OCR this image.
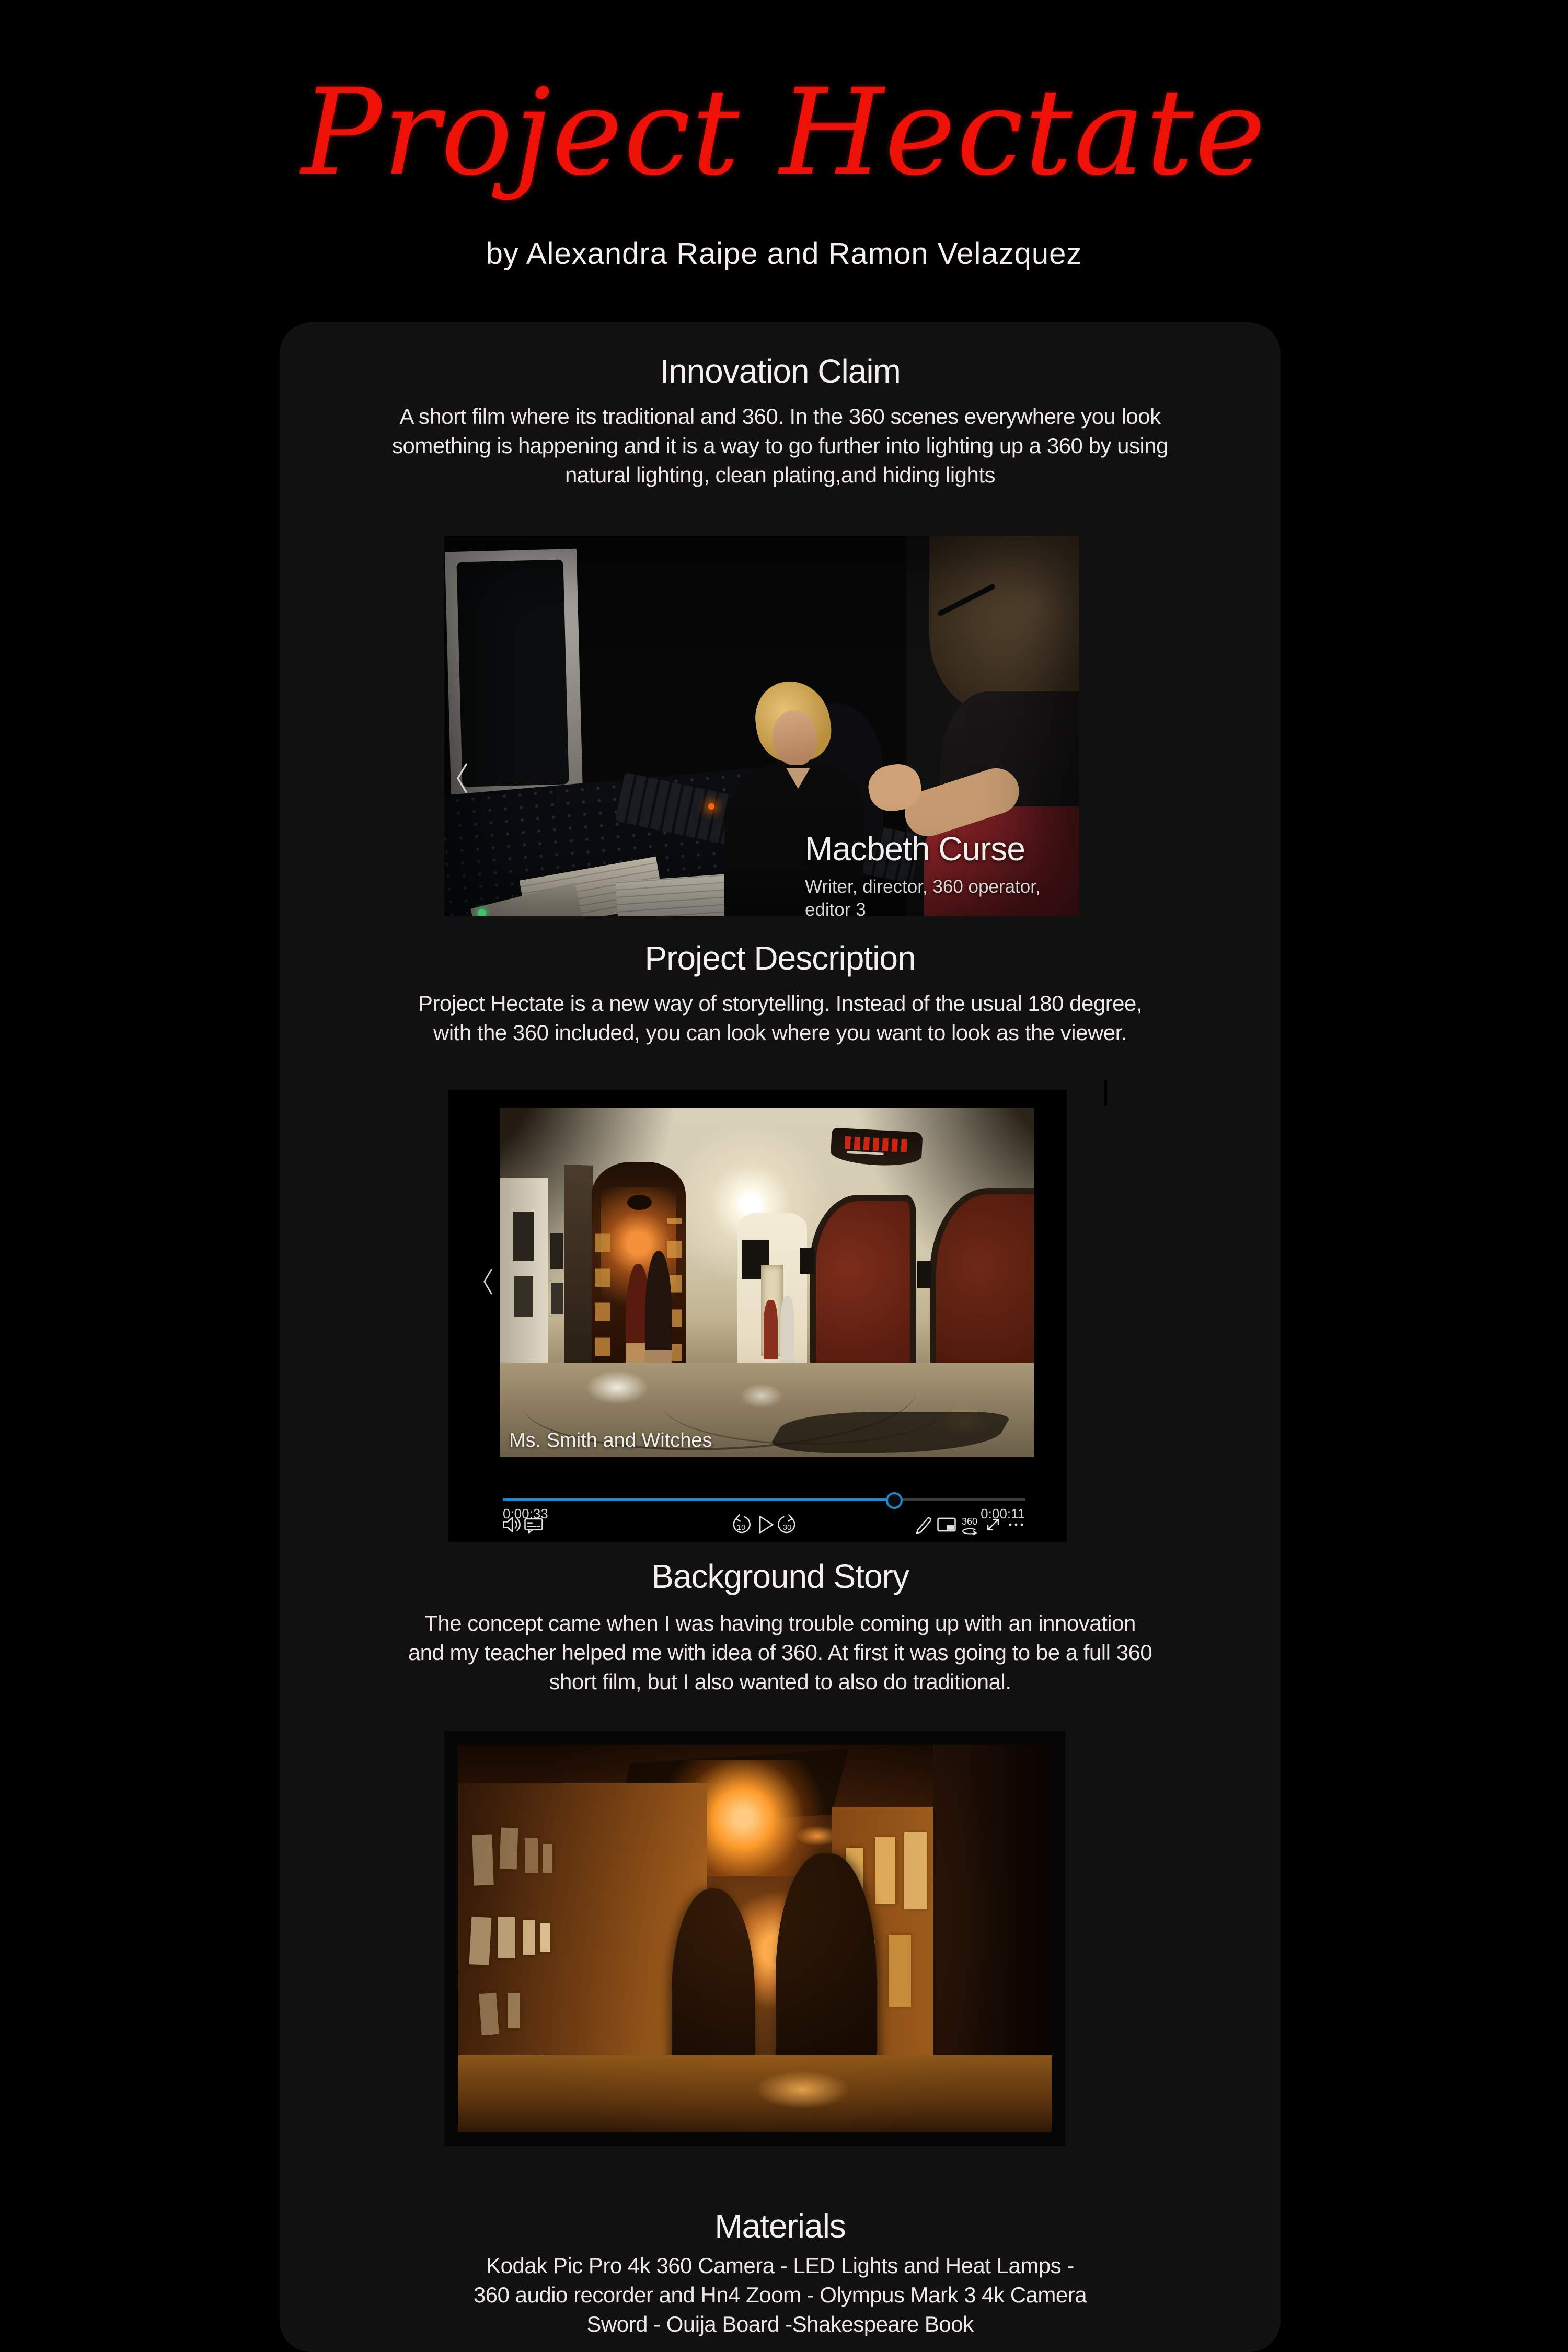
Project Hectate
by Alexandra Raipe and Ramon Velazquez
Innovation Claim
A short film where its traditional and 360. In the 360 scenes everywhere you look
something is happening and it is a way to go further into lighting up a 360 by using
natural lighting, clean plating,and hiding lights
Project Description
Project Hectate is a new way of storytelling. Instead of the usual 180 degree,
with the 360 included, you can look where you want to look as the viewer.
Background Story
The concept came when I was having trouble coming up with an innovation
and my teacher helped me with idea of 360. At first it was going to be a full 360
short film, but I also wanted to also do traditional.
Materials
Kodak Pic Pro 4k 360 Camera - LED Lights and Heat Lamps -
360 audio recorder and Hn4 Zoom - Olympus Mark 3 4k Camera
Sword - Ouija Board -Shakespeare Book
Macbeth Curse
Writer, director, 360 operator,
editor 3
Ms. Smith and Witches
0:00:33	0:00:11
10	30
360
